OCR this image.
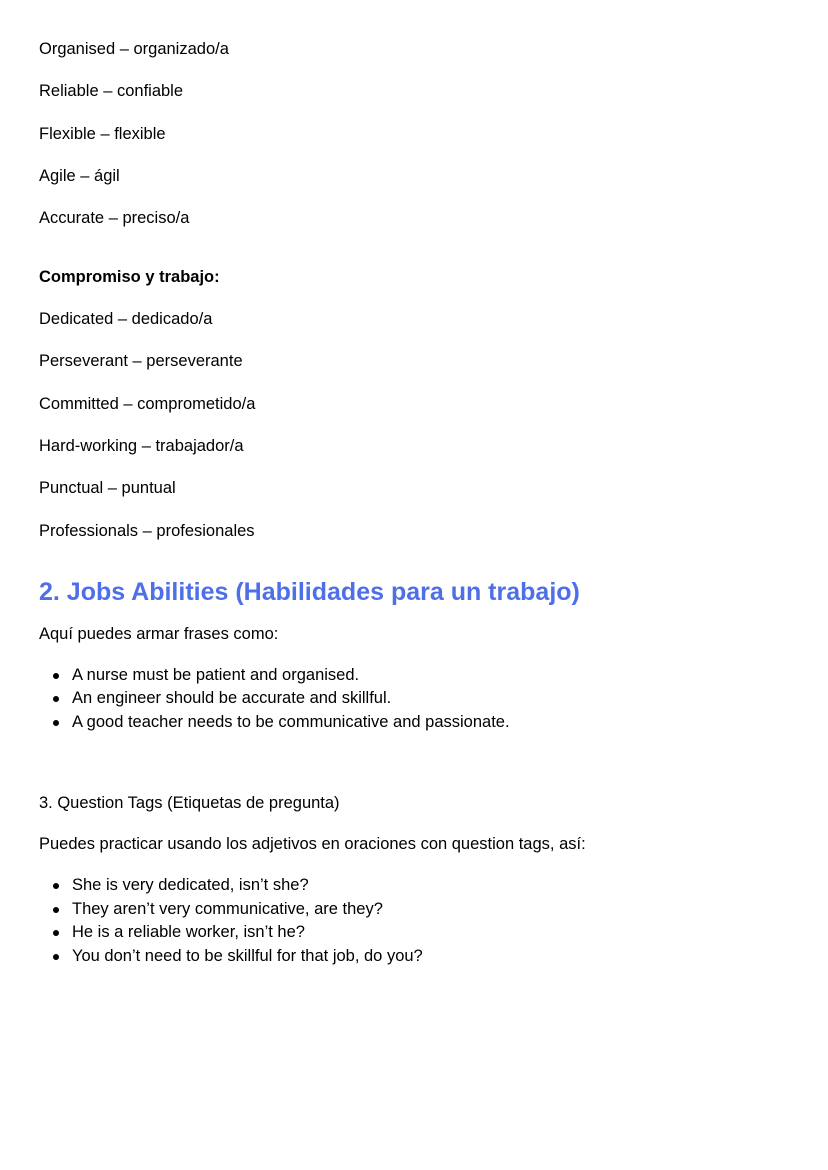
Organised – organizado/a

Reliable – confiable

Flexible – flexible

Agile – ágil

Accurate – preciso/a

Compromiso y trabajo:

Dedicated – dedicado/a

Perseverant – perseverante

Committed – comprometido/a

Hard-working – trabajador/a

Punctual – puntual

Professionals – profesionales

2. Jobs Abilities (Habilidades para un trabajo)

Aquí puedes armar frases como:

A nurse must be patient and organised.
An engineer should be accurate and skillful.
A good teacher needs to be communicative and passionate.

3. Question Tags (Etiquetas de pregunta)

Puedes practicar usando los adjetivos en oraciones con question tags, así:

She is very dedicated, isn’t she?
They aren’t very communicative, are they?
He is a reliable worker, isn’t he?
You don’t need to be skillful for that job, do you?
